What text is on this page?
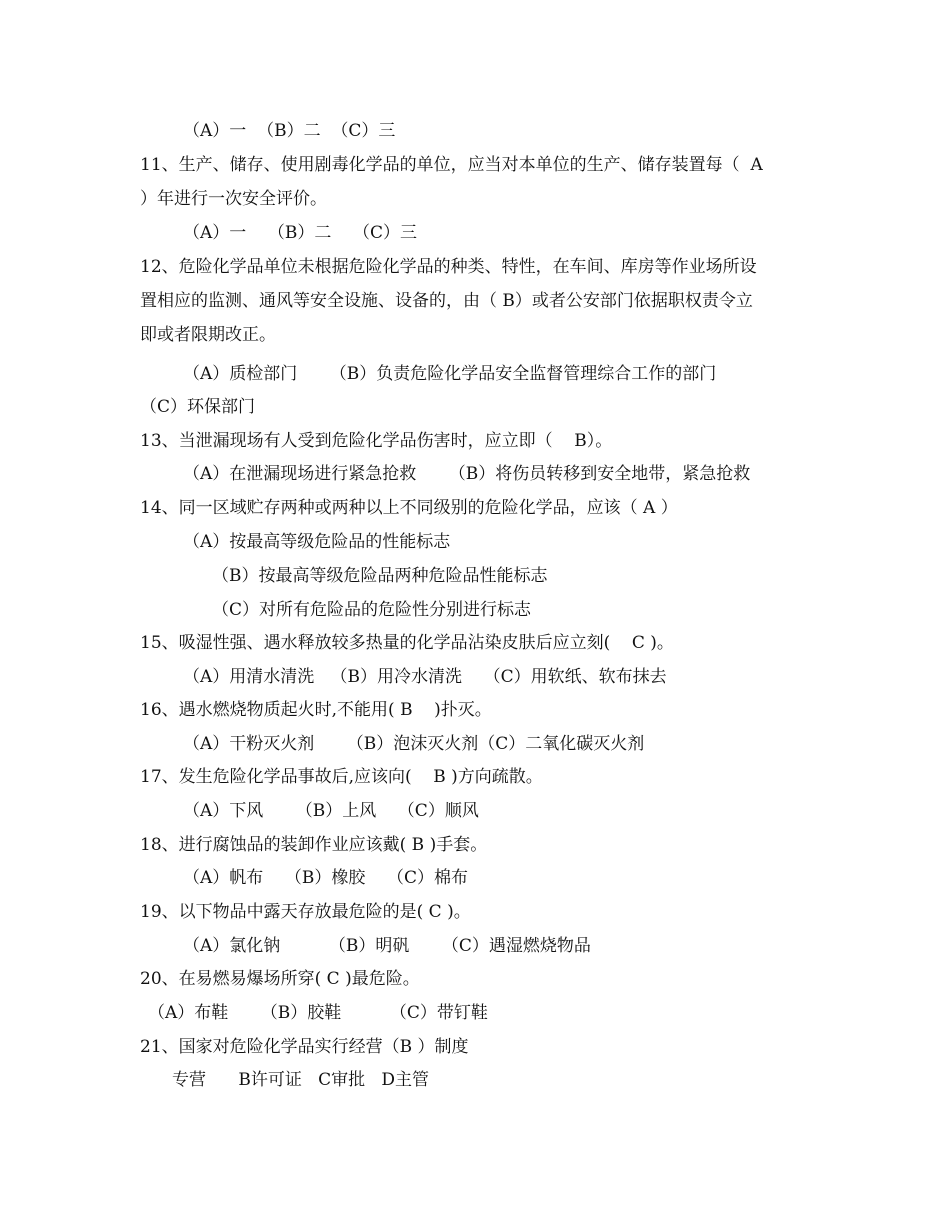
（A）一  （B）二  （C）三
11、生产、储存、使用剧毒化学品的单位，应当对本单位的生产、储存装置每（  A
）年进行一次安全评价。
（A）一    （B）二    （C）三
12、危险化学品单位未根据危险化学品的种类、特性，在车间、库房等作业场所设
置相应的监测、通风等安全设施、设备的，由（ B）或者公安部门依据职权责令立
即或者限期改正。
（A）质检部门      （B）负责危险化学品安全监督管理综合工作的部门
（C）环保部门
13、当泄漏现场有人受到危险化学品伤害时，应立即（    B）。
（A）在泄漏现场进行紧急抢救      （B）将伤员转移到安全地带，紧急抢救
14、同一区域贮存两种或两种以上不同级别的危险化学品，应该（ A ）
（A）按最高等级危险品的性能标志
（B）按最高等级危险品两种危险品性能标志
（C）对所有危险品的危险性分别进行标志
15、吸湿性强、遇水释放较多热量的化学品沾染皮肤后应立刻(    C )。
（A）用清水清洗   （B）用冷水清洗    （C）用软纸、软布抹去
16、遇水燃烧物质起火时,不能用( B    )扑灭。
（A）干粉灭火剂      （B）泡沫灭火剂（C）二氧化碳灭火剂
17、发生危险化学品事故后,应该向(    B )方向疏散。
（A）下风      （B）上风    （C）顺风
18、进行腐蚀品的装卸作业应该戴( B )手套。
（A）帆布    （B）橡胶    （C）棉布
19、以下物品中露天存放最危险的是( C )。
（A）氯化钠         （B）明矾      （C）遇湿燃烧物品
20、在易燃易爆场所穿( C )最危险。
（A）布鞋      （B）胶鞋         （C）带钉鞋
21、国家对危险化学品实行经营（B ）制度
专营      B许可证   C审批   D主管
